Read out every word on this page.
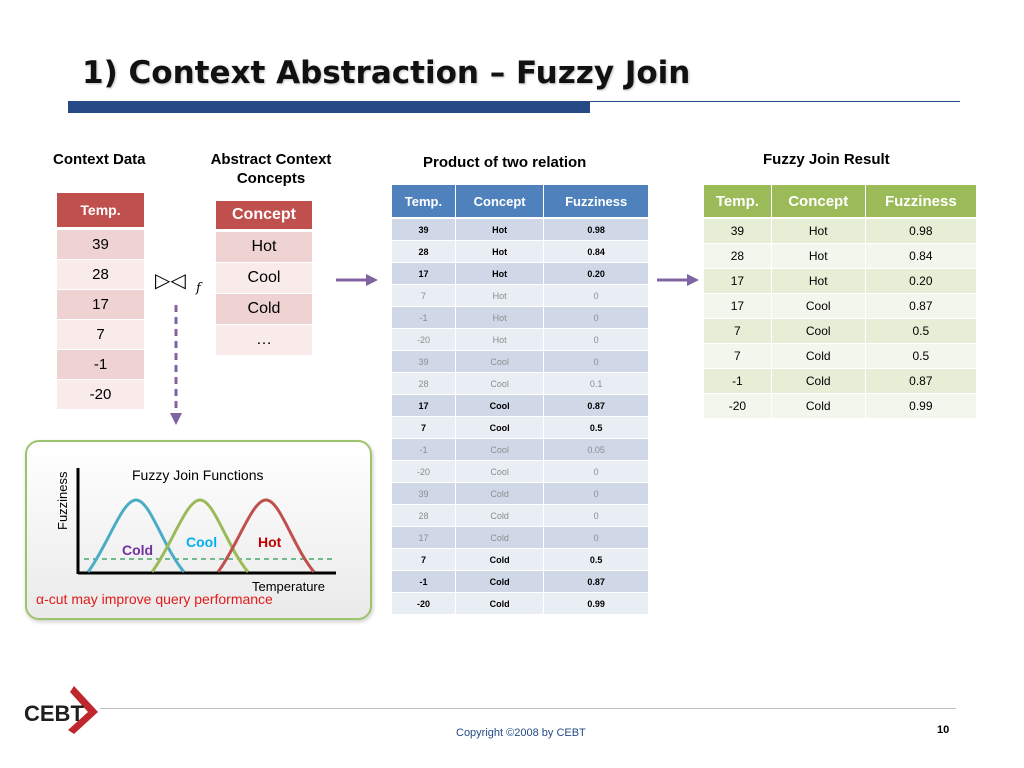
1) Context Abstraction – Fuzzy Join
Context Data	Abstract Context
Concepts
Product of two relation	Fuzzy Join Result
Temp.
39
28
17
7
-1
-20
Concept
Hot
Cool
Cold
…
▷◁ f
Temp.	Concept	Fuzziness
39	Hot	0.98
28	Hot	0.84
17	Hot	0.20
7	Hot	0
-1	Hot	0
-20	Hot	0
39	Cool	0
28	Cool	0.1
17	Cool	0.87
7	Cool	0.5
-1	Cool	0.05
-20	Cool	0
39	Cold	0
28	Cold	0
17	Cold	0
7	Cold	0.5
-1	Cold	0.87
-20	Cold	0.99
Temp.	Concept	Fuzziness
39	Hot	0.98
28	Hot	0.84
17	Hot	0.20
17	Cool	0.87
7	Cool	0.5
7	Cold	0.5
-1	Cold	0.87
-20	Cold	0.99
Fuzzy Join Functions
Fuzziness
Temperature
Cold Cool	Hot
α-cut may improve query performance
CEBT
Copyright ©2008 by CEBT	10
